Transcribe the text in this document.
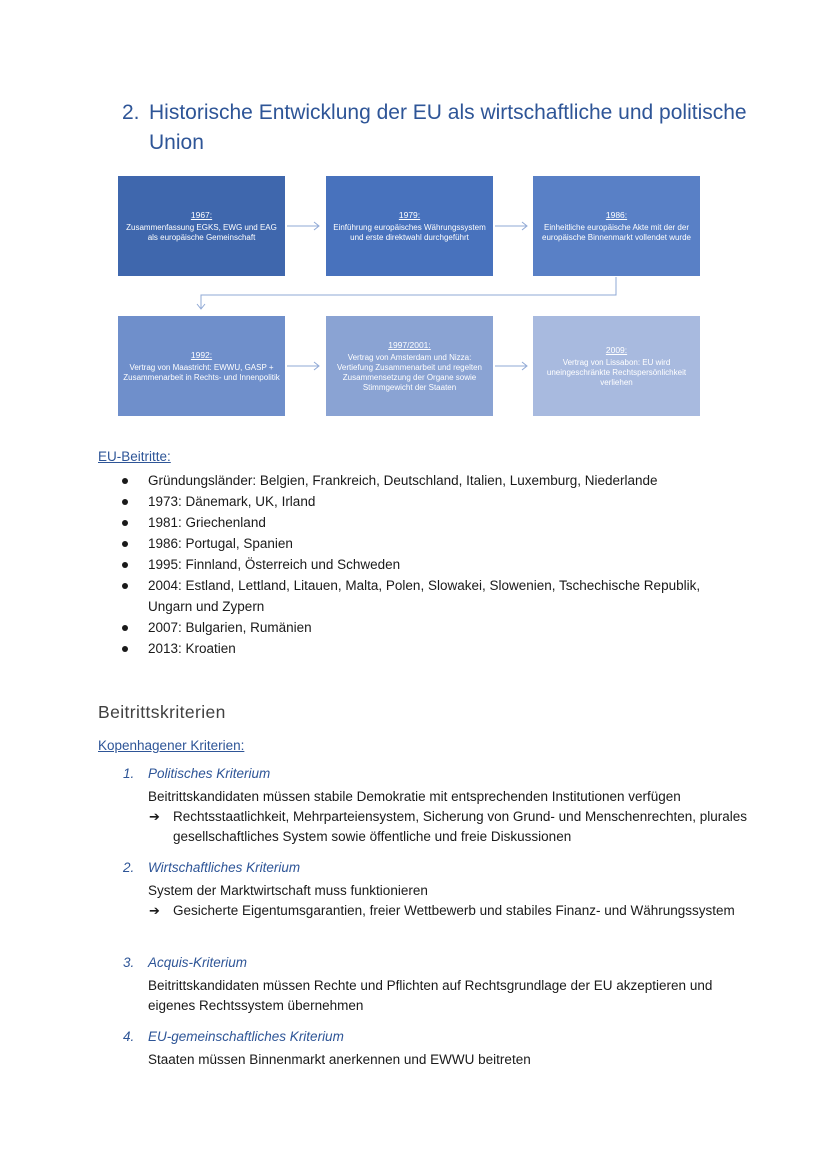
2. Historische Entwicklung der EU als wirtschaftliche und politische Union
1967:
Zusammenfassung EGKS, EWG und EAG als europäische Gemeinschaft
1979:
Einführung europäisches Währungssystem und erste direktwahl durchgeführt
1986:
Einheitliche europäische Akte mit der der europäische Binnenmarkt vollendet wurde
1992:
Vertrag von Maastricht: EWWU, GASP + Zusammenarbeit in Rechts- und Innenpolitik
1997/2001:
Vertrag von Amsterdam und Nizza: Vertiefung Zusammenarbeit und regelten Zusammensetzung der Organe sowie Stimmgewicht der Staaten
2009:
Vertrag von Lissabon: EU wird uneingeschränkte Rechtspersönlichkeit verliehen
EU-Beitritte:
Gründungsländer: Belgien, Frankreich, Deutschland, Italien, Luxemburg, Niederlande
1973: Dänemark, UK, Irland
1981: Griechenland
1986: Portugal, Spanien
1995: Finnland, Österreich und Schweden
2004: Estland, Lettland, Litauen, Malta, Polen, Slowakei, Slowenien, Tschechische Republik, Ungarn und Zypern
2007: Bulgarien, Rumänien
2013: Kroatien
Beitrittskriterien
Kopenhagener Kriterien:
1. Politisches Kriterium
Beitrittskandidaten müssen stabile Demokratie mit entsprechenden Institutionen verfügen
➔ Rechtsstaatlichkeit, Mehrparteiensystem, Sicherung von Grund- und Menschenrechten, plurales gesellschaftliches System sowie öffentliche und freie Diskussionen
2. Wirtschaftliches Kriterium
System der Marktwirtschaft muss funktionieren
➔ Gesicherte Eigentumsgarantien, freier Wettbewerb und stabiles Finanz- und Währungssystem
3. Acquis-Kriterium
Beitrittskandidaten müssen Rechte und Pflichten auf Rechtsgrundlage der EU akzeptieren und eigenes Rechtssystem übernehmen
4. EU-gemeinschaftliches Kriterium
Staaten müssen Binnenmarkt anerkennen und EWWU beitreten
